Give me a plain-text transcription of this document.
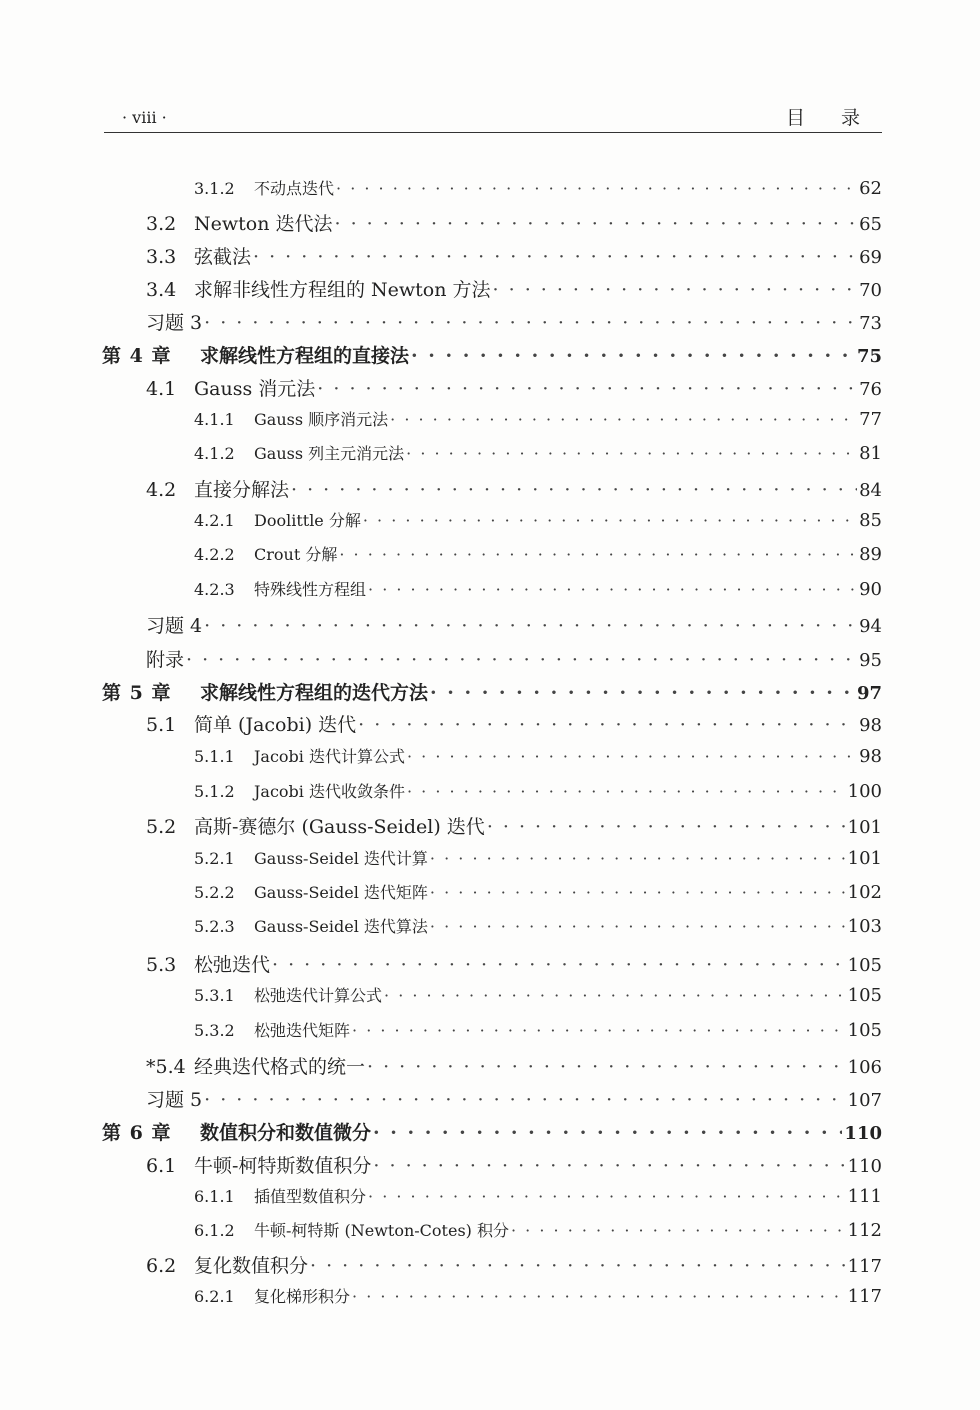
· viii ·	目录
3.1.2	不动点迭代 · · ·	62
3.2 Newton 迭代法 · · ·	65
3.3 弦截法 · · ·	69
3.4 求解非线性方程组的 Newton 方法 · · ·	70
习题 3 · · ·	73
第 4 章	求解线性方程组的直接法 · · ·	75
4.1 Gauss 消元法 · · ·	76
4.1.1	Gauss 顺序消元法 · · ·	77
4.1.2	Gauss 列主元消元法 · · ·	81
4.2 直接分解法 · · ·	84
4.2.1	Doolittle 分解 · · ·	85
4.2.2	Crout 分解 · · ·	89
4.2.3	特殊线性方程组 · · ·	90
习题 4 · · ·	94
附录 · · ·	95
第 5 章	求解线性方程组的迭代方法 · · ·	97
5.1 简单 (Jacobi) 迭代 · · ·	98
5.1.1	Jacobi 迭代计算公式 · · ·	98
5.1.2	Jacobi 迭代收敛条件 · · ·	100
5.2 高斯-赛德尔 (Gauss-Seidel) 迭代 · · ·	101
5.2.1	Gauss-Seidel 迭代计算 · · ·	101
5.2.2	Gauss-Seidel 迭代矩阵 · · ·	102
5.2.3	Gauss-Seidel 迭代算法 · · ·	103
5.3 松弛迭代 · · ·	105
5.3.1	松弛迭代计算公式 · · ·	105
5.3.2	松弛迭代矩阵 · · ·	105
*5.4 经典迭代格式的统一 · · ·	106
习题 5 · · ·	107
第 6 章	数值积分和数值微分 · · ·	110
6.1 牛顿-柯特斯数值积分 · · ·	110
6.1.1	插值型数值积分 · · ·	111
6.1.2	牛顿-柯特斯 (Newton-Cotes) 积分 · · ·	112
6.2 复化数值积分 · · ·	117
6.2.1	复化梯形积分 · · ·	117
